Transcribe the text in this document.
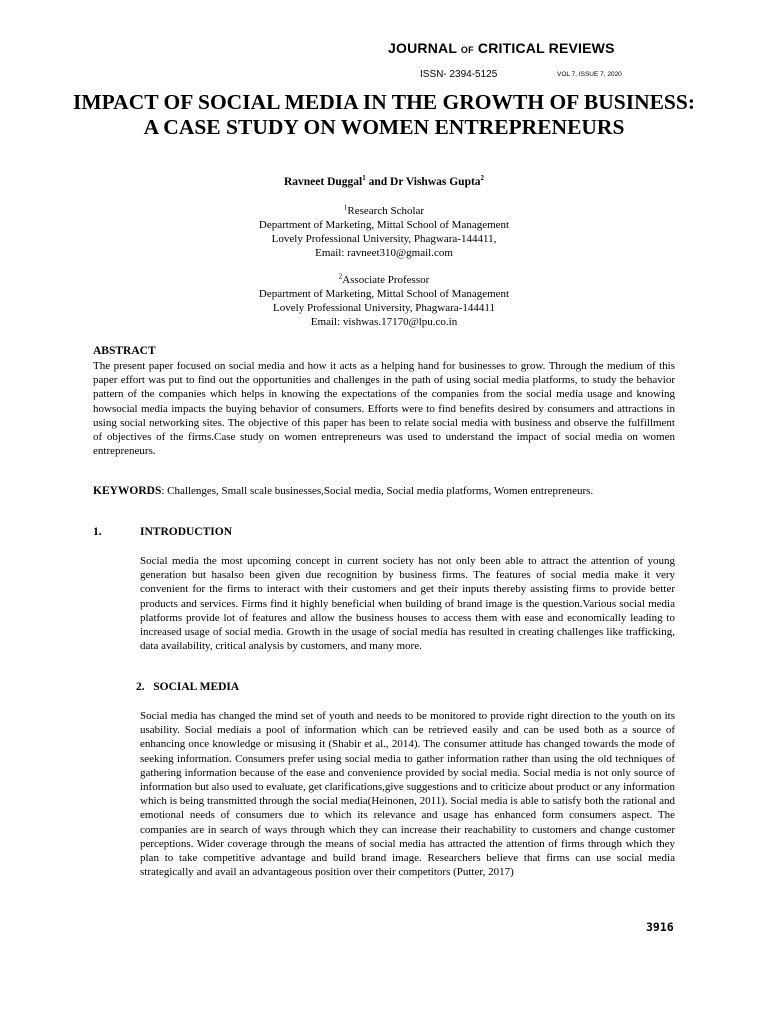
JOURNAL OF CRITICAL REVIEWS
ISSN- 2394-5125	VOL 7, ISSUE 7, 2020
IMPACT OF SOCIAL MEDIA IN THE GROWTH OF BUSINESS: A CASE STUDY ON WOMEN ENTREPRENEURS
Ravneet Duggal$^1$ and Dr Vishwas Gupta$^2$

$^1$Research Scholar

Department of Marketing, Mittal School of Management

Lovely Professional University, Phagwara-144411,

Email: ravneet310@gmail.com

$^2$Associate Professor

Department of Marketing, Mittal School of Management

Lovely Professional University, Phagwara-144411

Email: vishwas.17170@lpu.co.in

ABSTRACT
The present paper focused on social media and how it acts as a helping hand for businesses to grow. Through the medium of this paper effort was put to find out the opportunities and challenges in the path of using social media platforms, to study the behavior pattern of the companies which helps in knowing the expectations of the companies from the social media usage and knowing howsocial media impacts the buying behavior of consumers. Efforts were to find benefits desired by consumers and attractions in using social networking sites. The objective of this paper has been to relate social media with business and observe the fulfillment of objectives of the firms.Case study on women entrepreneurs was used to understand the impact of social media on women entrepreneurs.
KEYWORDS: Challenges, Small scale businesses,Social media, Social media platforms, Women entrepreneurs.
1.	INTRODUCTION
Social media the most upcoming concept in current society has not only been able to attract the attention of young generation but hasalso been given due recognition by business firms. The features of social media make it very convenient for the firms to interact with their customers and get their inputs thereby assisting firms to provide better products and services. Firms find it highly beneficial when building of brand image is the question.Various social media platforms provide lot of features and allow the business houses to access them with ease and economically leading to increased usage of social media. Growth in the usage of social media has resulted in creating challenges like trafficking, data availability, critical analysis by customers, and many more.
2.   SOCIAL MEDIA
Social media has changed the mind set of youth and needs to be monitored to provide right direction to the youth on its usability. Social mediais a pool of information which can be retrieved easily and can be used both as a source of enhancing once knowledge or misusing it (Shabir et al., 2014). The consumer attitude has changed towards the mode of seeking information. Consumers prefer using social media to gather information rather than using the old techniques of gathering information because of the ease and convenience provided by social media. Social media is not only source of information but also used to evaluate, get clarifications,give suggestions and to criticize about product or any information which is being transmitted through the social media(Heinonen, 2011). Social media is able to satisfy both the rational and emotional needs of consumers due to which its relevance and usage has enhanced form consumers aspect. The companies are in search of ways through which they can increase their reachability to customers and change customer perceptions. Wider coverage through the means of social media has attracted the attention of firms through which they plan to take competitive advantage and build brand image. Researchers believe that firms can use social media strategically and avail an advantageous position over their competitors (Putter, 2017)
3916
